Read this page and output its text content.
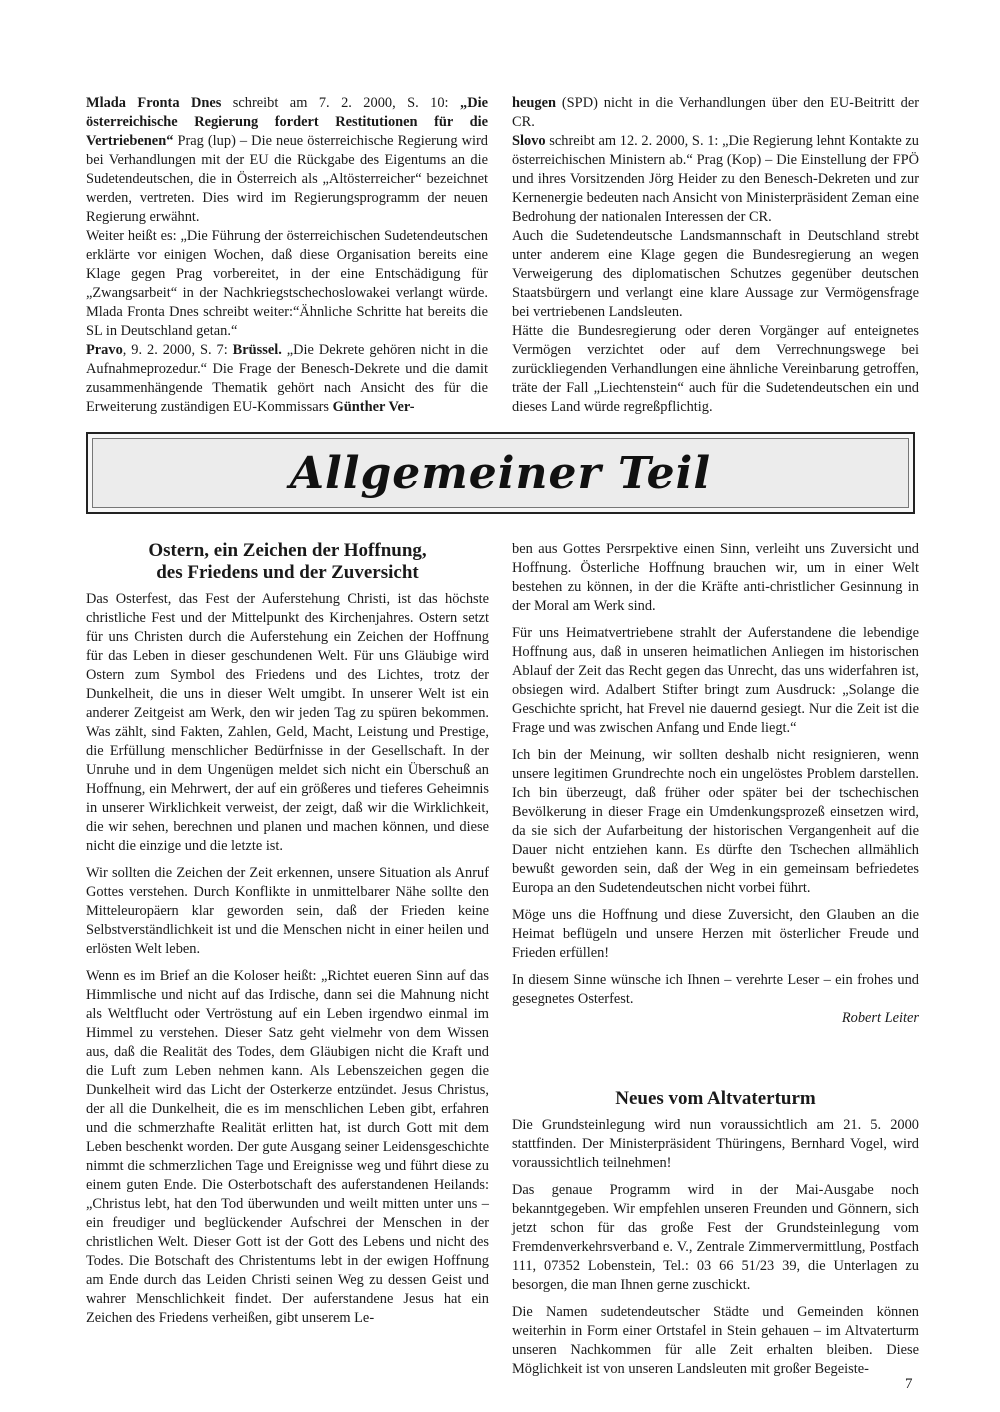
Mlada Fronta Dnes schreibt am 7. 2. 2000, S. 10: „Die österreichische Regierung fordert Restitutionen für die Vertriebenen“ Prag (lup) – Die neue österreichische Regierung wird bei Verhandlungen mit der EU die Rückgabe des Eigentums an die Sudetendeutschen, die in Österreich als „Altösterreicher“ bezeichnet werden, vertreten. Dies wird im Regierungsprogramm der neuen Regierung erwähnt.

Weiter heißt es: „Die Führung der österreichischen Sudetendeutschen erklärte vor einigen Wochen, daß diese Organisation bereits eine Klage gegen Prag vorbereitet, in der eine Entschädigung für „Zwangsarbeit“ in der Nachkriegstschechoslowakei verlangt würde. Mlada Fronta Dnes schreibt weiter:“Ähnliche Schritte hat bereits die SL in Deutschland getan.“

Pravo, 9. 2. 2000, S. 7: Brüssel. „Die Dekrete gehören nicht in die Aufnahmeprozedur.“ Die Frage der Benesch-Dekrete und die damit zusammenhängende Thematik gehört nach Ansicht des für die Erweiterung zuständigen EU-Kommissars Günther Ver-

heugen (SPD) nicht in die Verhandlungen über den EU-Beitritt der CR.

Slovo schreibt am 12. 2. 2000, S. 1: „Die Regierung lehnt Kontakte zu österreichischen Ministern ab.“ Prag (Kop) – Die Einstellung der FPÖ und ihres Vorsitzenden Jörg Heider zu den Benesch-Dekreten und zur Kernenergie bedeuten nach Ansicht von Ministerpräsident Zeman eine Bedrohung der nationalen Interessen der CR.

Auch die Sudetendeutsche Landsmannschaft in Deutschland strebt unter anderem eine Klage gegen die Bundesregierung an wegen Verweigerung des diplomatischen Schutzes gegenüber deutschen Staatsbürgern und verlangt eine klare Aussage zur Vermögensfrage bei vertriebenen Landsleuten.

Hätte die Bundesregierung oder deren Vorgänger auf enteignetes Vermögen verzichtet oder auf dem Verrechnungswege bei zurückliegenden Verhandlungen eine ähnliche Vereinbarung getroffen, träte der Fall „Liechtenstein“ auch für die Sudetendeutschen ein und dieses Land würde regreßpflichtig.

Allgemeiner Teil
Ostern, ein Zeichen der Hoffnung,
des Friedens und der Zuversicht

Das Osterfest, das Fest der Auferstehung Christi, ist das höchste christliche Fest und der Mittelpunkt des Kirchenjahres. Ostern setzt für uns Christen durch die Auferstehung ein Zeichen der Hoffnung für das Leben in dieser geschundenen Welt. Für uns Gläubige wird Ostern zum Symbol des Friedens und des Lichtes, trotz der Dunkelheit, die uns in dieser Welt umgibt. In unserer Welt ist ein anderer Zeitgeist am Werk, den wir jeden Tag zu spüren bekommen. Was zählt, sind Fakten, Zahlen, Geld, Macht, Leistung und Prestige, die Erfüllung menschlicher Bedürfnisse in der Gesellschaft. In der Unruhe und in dem Ungenügen meldet sich nicht ein Überschuß an Hoffnung, ein Mehrwert, der auf ein größeres und tieferes Geheimnis in unserer Wirklichkeit verweist, der zeigt, daß wir die Wirklichkeit, die wir sehen, berechnen und planen und machen können, und diese nicht die einzige und die letzte ist.

Wir sollten die Zeichen der Zeit erkennen, unsere Situation als Anruf Gottes verstehen. Durch Konflikte in unmittelbarer Nähe sollte den Mitteleuropäern klar geworden sein, daß der Frieden keine Selbstverständlichkeit ist und die Menschen nicht in einer heilen und erlösten Welt leben.

Wenn es im Brief an die Koloser heißt: „Richtet eueren Sinn auf das Himmlische und nicht auf das Irdische, dann sei die Mahnung nicht als Weltflucht oder Vertröstung auf ein Leben irgendwo einmal im Himmel zu verstehen. Dieser Satz geht vielmehr von dem Wissen aus, daß die Realität des Todes, dem Gläubigen nicht die Kraft und die Luft zum Leben nehmen kann. Als Lebenszeichen gegen die Dunkelheit wird das Licht der Osterkerze entzündet. Jesus Christus, der all die Dunkelheit, die es im menschlichen Leben gibt, erfahren und die schmerzhafte Realität erlitten hat, ist durch Gott mit dem Leben beschenkt worden. Der gute Ausgang seiner Leidensgeschichte nimmt die schmerzlichen Tage und Ereignisse weg und führt diese zu einem guten Ende. Die Osterbotschaft des auferstandenen Heilands: „Christus lebt, hat den Tod überwunden und weilt mitten unter uns – ein freudiger und beglückender Aufschrei der Menschen in der christlichen Welt. Dieser Gott ist der Gott des Lebens und nicht des Todes. Die Botschaft des Christentums lebt in der ewigen Hoffnung am Ende durch das Leiden Christi seinen Weg zu dessen Geist und wahrer Menschlichkeit findet. Der auferstandene Jesus hat ein Zeichen des Friedens verheißen, gibt unserem Le-

ben aus Gottes Persrpektive einen Sinn, verleiht uns Zuversicht und Hoffnung. Österliche Hoffnung brauchen wir, um in einer Welt bestehen zu können, in der die Kräfte anti-christlicher Gesinnung in der Moral am Werk sind.

Für uns Heimatvertriebene strahlt der Auferstandene die lebendige Hoffnung aus, daß in unseren heimatlichen Anliegen im historischen Ablauf der Zeit das Recht gegen das Unrecht, das uns widerfahren ist, obsiegen wird. Adalbert Stifter bringt zum Ausdruck: „Solange die Geschichte spricht, hat Frevel nie dauernd gesiegt. Nur die Zeit ist die Frage und was zwischen Anfang und Ende liegt.“

Ich bin der Meinung, wir sollten deshalb nicht resignieren, wenn unsere legitimen Grundrechte noch ein ungelöstes Problem darstellen. Ich bin überzeugt, daß früher oder später bei der tschechischen Bevölkerung in dieser Frage ein Umdenkungsprozeß einsetzen wird, da sie sich der Aufarbeitung der historischen Vergangenheit auf die Dauer nicht entziehen kann. Es dürfte den Tschechen allmählich bewußt geworden sein, daß der Weg in ein gemeinsam befriedetes Europa an den Sudetendeutschen nicht vorbei führt.

Möge uns die Hoffnung und diese Zuversicht, den Glauben an die Heimat beflügeln und unsere Herzen mit österlicher Freude und Frieden erfüllen!

In diesem Sinne wünsche ich Ihnen – verehrte Leser – ein frohes und gesegnetes Osterfest.

Robert Leiter
Neues vom Altvaterturm

Die Grundsteinlegung wird nun voraussichtlich am 21. 5. 2000 stattfinden. Der Ministerpräsident Thüringens, Bernhard Vogel, wird voraussichtlich teilnehmen!

Das genaue Programm wird in der Mai-Ausgabe noch bekanntgegeben. Wir empfehlen unseren Freunden und Gönnern, sich jetzt schon für das große Fest der Grundsteinlegung vom Fremdenverkehrsverband e. V., Zentrale Zimmervermittlung, Postfach 111, 07352 Lobenstein, Tel.: 03 66 51/23 39, die Unterlagen zu besorgen, die man Ihnen gerne zuschickt.

Die Namen sudetendeutscher Städte und Gemeinden können weiterhin in Form einer Ortstafel in Stein gehauen – im Altvaterturm unseren Nachkommen für alle Zeit erhalten bleiben. Diese Möglichkeit ist von unseren Landsleuten mit großer Begeiste-

7
